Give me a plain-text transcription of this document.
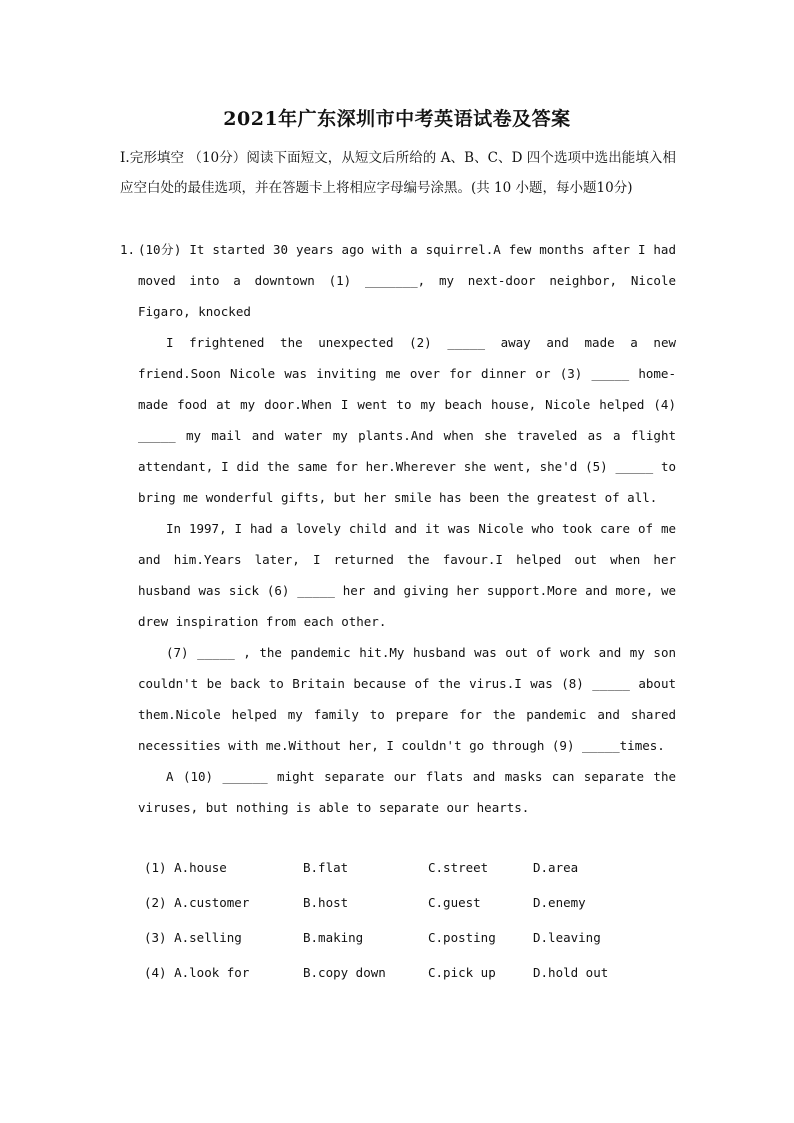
2021年广东深圳市中考英语试卷及答案
Ⅰ.完形填空 （10分）阅读下面短文，从短文后所给的 A、B、C、D 四个选项中选出能填入相应空白处的最佳选项，并在答题卡上将相应字母编号涂黑。(共 10 小题，每小题10分)
1. (10分) It started 30 years ago with a squirrel.A few months after I had moved into a downtown (1) _______, my next-door neighbor, Nicole Figaro, knocked
I frightened the unexpected (2) _____ away and made a new friend.Soon Nicole was inviting me over for dinner or (3) _____ home-made food at my door.When I went to my beach house, Nicole helped (4) _____ my mail and water my plants.And when she traveled as a flight attendant, I did the same for her.Wherever she went, she'd (5) _____ to bring me wonderful gifts, but her smile has been the greatest of all.
In 1997, I had a lovely child and it was Nicole who took care of me and him.Years later, I returned the favour.I helped out when her husband was sick (6) _____ her and giving her support.More and more, we drew inspiration from each other.
(7) _____ , the pandemic hit.My husband was out of work and my son couldn't be back to Britain because of the virus.I was (8) _____ about them.Nicole helped my family to prepare for the pandemic and shared necessities with me.Without her, I couldn't go through (9) _____times.
A (10) ______ might separate our flats and masks can separate the viruses, but nothing is able to separate our hearts.
(1) A.house	B.flat	C.street	D.area
(2) A.customer	B.host	C.guest	D.enemy
(3) A.selling	B.making	C.posting	D.leaving
(4) A.look for	B.copy down	C.pick up	D.hold out
